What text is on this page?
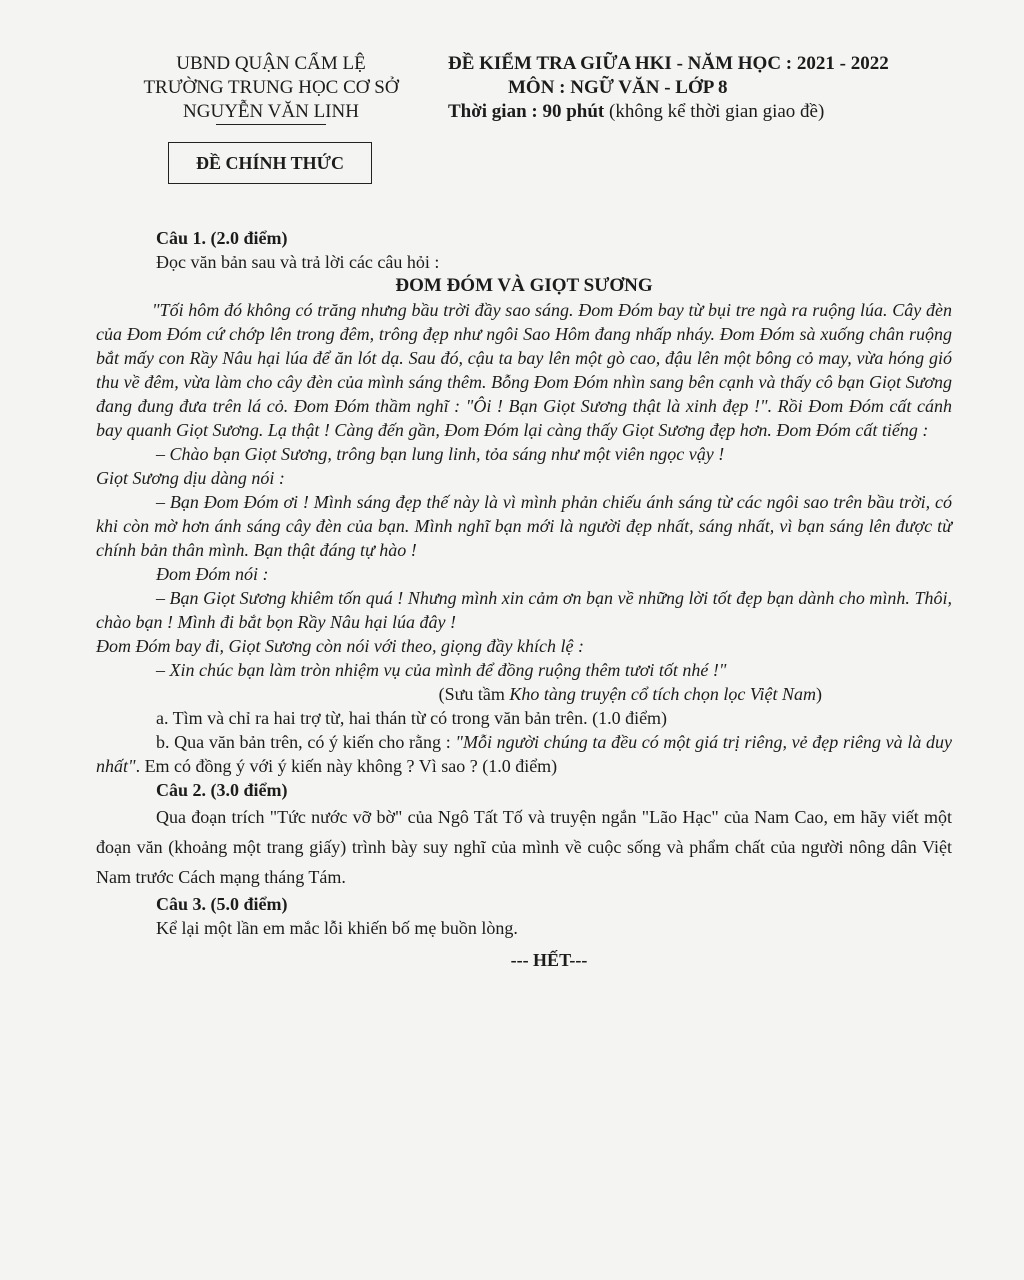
UBND QUẬN CẨM LỆ
TRƯỜNG TRUNG HỌC CƠ SỞ
NGUYỄN VĂN LINH
ĐỀ KIỂM TRA GIỮA HKI - NĂM HỌC : 2021 - 2022
MÔN : NGỮ VĂN - LỚP 8
Thời gian : 90 phút (không kể thời gian giao đề)
ĐỀ CHÍNH THỨC

Câu 1. (2.0 điểm)

Đọc văn bản sau và trả lời các câu hỏi :

ĐOM ĐÓM VÀ GIỌT SƯƠNG

"Tối hôm đó không có trăng nhưng bầu trời đầy sao sáng. Đom Đóm bay từ bụi tre ngà ra ruộng lúa. Cây đèn của Đom Đóm cứ chớp lên trong đêm, trông đẹp như ngôi Sao Hôm đang nhấp nháy. Đom Đóm sà xuống chân ruộng bắt mấy con Rầy Nâu hại lúa để ăn lót dạ. Sau đó, cậu ta bay lên một gò cao, đậu lên một bông cỏ may, vừa hóng gió thu về đêm, vừa làm cho cây đèn của mình sáng thêm. Bỗng Đom Đóm nhìn sang bên cạnh và thấy cô bạn Giọt Sương đang đung đưa trên lá cỏ. Đom Đóm thầm nghĩ : "Ôi ! Bạn Giọt Sương thật là xinh đẹp !". Rồi Đom Đóm cất cánh bay quanh Giọt Sương. Lạ thật ! Càng đến gần, Đom Đóm lại càng thấy Giọt Sương đẹp hơn. Đom Đóm cất tiếng :

– Chào bạn Giọt Sương, trông bạn lung linh, tỏa sáng như một viên ngọc vậy !

Giọt Sương dịu dàng nói :

– Bạn Đom Đóm ơi ! Mình sáng đẹp thế này là vì mình phản chiếu ánh sáng từ các ngôi sao trên bầu trời, có khi còn mờ hơn ánh sáng cây đèn của bạn. Mình nghĩ bạn mới là người đẹp nhất, sáng nhất, vì bạn sáng lên được từ chính bản thân mình. Bạn thật đáng tự hào !

Đom Đóm nói :

– Bạn Giọt Sương khiêm tốn quá ! Nhưng mình xin cảm ơn bạn về những lời tốt đẹp bạn dành cho mình. Thôi, chào bạn ! Mình đi bắt bọn Rầy Nâu hại lúa đây !

Đom Đóm bay đi, Giọt Sương còn nói với theo, giọng đầy khích lệ :

– Xin chúc bạn làm tròn nhiệm vụ của mình để đồng ruộng thêm tươi tốt nhé !"

(Sưu tầm Kho tàng truyện cổ tích chọn lọc Việt Nam)

a. Tìm và chỉ ra hai trợ từ, hai thán từ có trong văn bản trên. (1.0 điểm)

b. Qua văn bản trên, có ý kiến cho rằng : "Mỗi người chúng ta đều có một giá trị riêng, vẻ đẹp riêng và là duy nhất". Em có đồng ý với ý kiến này không ? Vì sao ? (1.0 điểm)

Câu 2. (3.0 điểm)

Qua đoạn trích "Tức nước vỡ bờ" của Ngô Tất Tố và truyện ngắn "Lão Hạc" của Nam Cao, em hãy viết một đoạn văn (khoảng một trang giấy) trình bày suy nghĩ của mình về cuộc sống và phẩm chất của người nông dân Việt Nam trước Cách mạng tháng Tám.

Câu 3. (5.0 điểm)

Kể lại một lần em mắc lỗi khiến bố mẹ buồn lòng.

--- HẾT---
